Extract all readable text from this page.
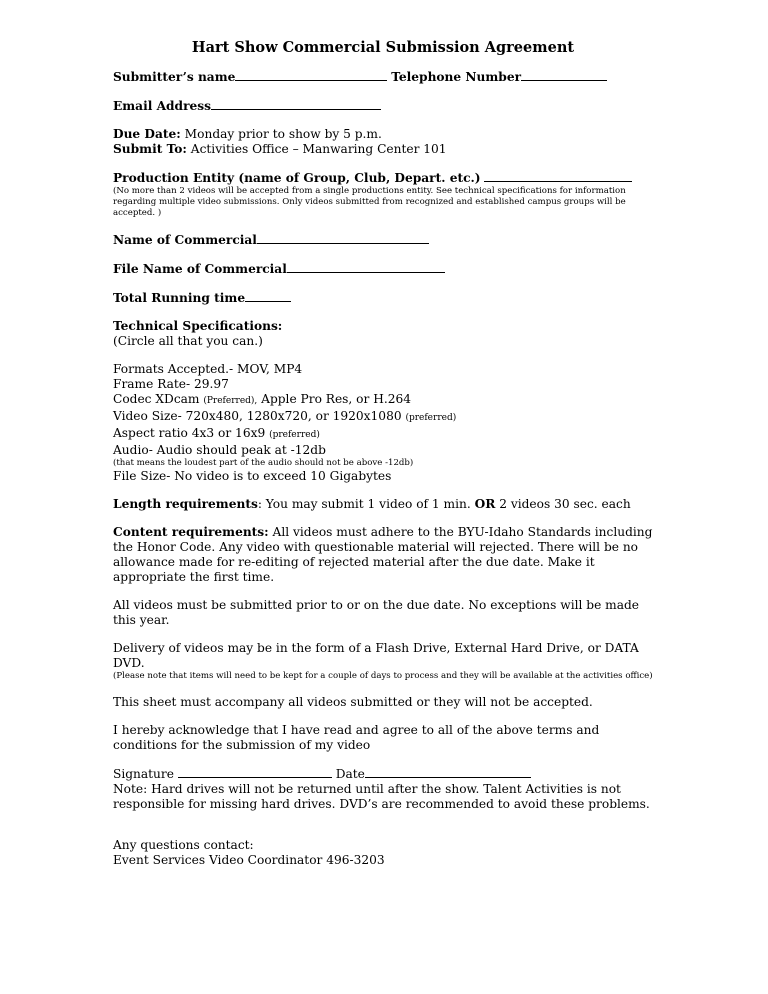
Hart Show Commercial Submission Agreement
Submitter’s name	Telephone Number
Email Address
Due Date: Monday prior to show by 5 p.m.
Submit To: Activities Office – Manwaring Center 101
Production Entity (name of Group, Club, Depart. etc.)
(No more than 2 videos will be accepted from a single productions entity. See technical specifications for information regarding multiple video submissions. Only videos submitted from recognized and established campus groups will be accepted. )
Name of Commercial
File Name of Commercial
Total Running time
Technical Specifications:
(Circle all that you can.)
Formats Accepted.- MOV, MP4
Frame Rate- 29.97
Codec XDcam (Preferred), Apple Pro Res, or H.264
Video Size- 720x480, 1280x720, or 1920x1080 (preferred)
Aspect ratio 4x3 or 16x9 (preferred)
Audio- Audio should peak at -12db
(that means the loudest part of the audio should not be above -12db)
File Size- No video is to exceed 10 Gigabytes
Length requirements: You may submit 1 video of 1 min. OR 2 videos 30 sec. each
Content requirements: All videos must adhere to the BYU-Idaho Standards including the Honor Code. Any video with questionable material will rejected. There will be no allowance made for re-editing of rejected material after the due date. Make it appropriate the first time.
All videos must be submitted prior to or on the due date. No exceptions will be made this year.
Delivery of videos may be in the form of a Flash Drive, External Hard Drive, or DATA DVD.
(Please note that items will need to be kept for a couple of days to process and they will be available at the activities office)
This sheet must accompany all videos submitted or they will not be accepted.
I hereby acknowledge that I have read and agree to all of the above terms and conditions for the submission of my video
Signature	Date
Note: Hard drives will not be returned until after the show. Talent Activities is not responsible for missing hard drives. DVD’s are recommended to avoid these problems.
Any questions contact:
Event Services Video Coordinator 496-3203
